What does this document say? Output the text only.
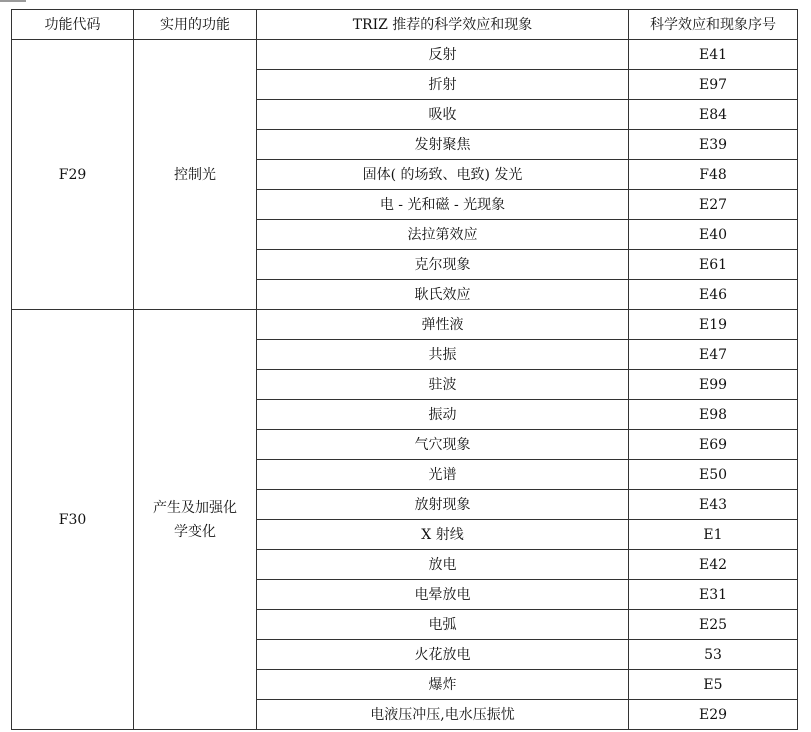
功能代码	实用的功能	TRIZ 推荐的科学效应和现象	科学效应和现象序号
F29	控制光	反射	E41
		折射	E97
		吸收	E84
		发射聚焦	E39
		固体( 的场致、电致) 发光	F48
		电 - 光和磁 - 光现象	E27
		法拉第效应	E40
		克尔现象	E61
		耿氏效应	E46
F30	产生及加强化学变化	弹性液	E19
		共振	E47
		驻波	E99
		振动	E98
		气穴现象	E69
		光谱	E50
		放射现象	E43
		X 射线	E1
		放电	E42
		电晕放电	E31
		电弧	E25
		火花放电	53
		爆炸	E5
		电液压冲压,电水压振忧	E29
